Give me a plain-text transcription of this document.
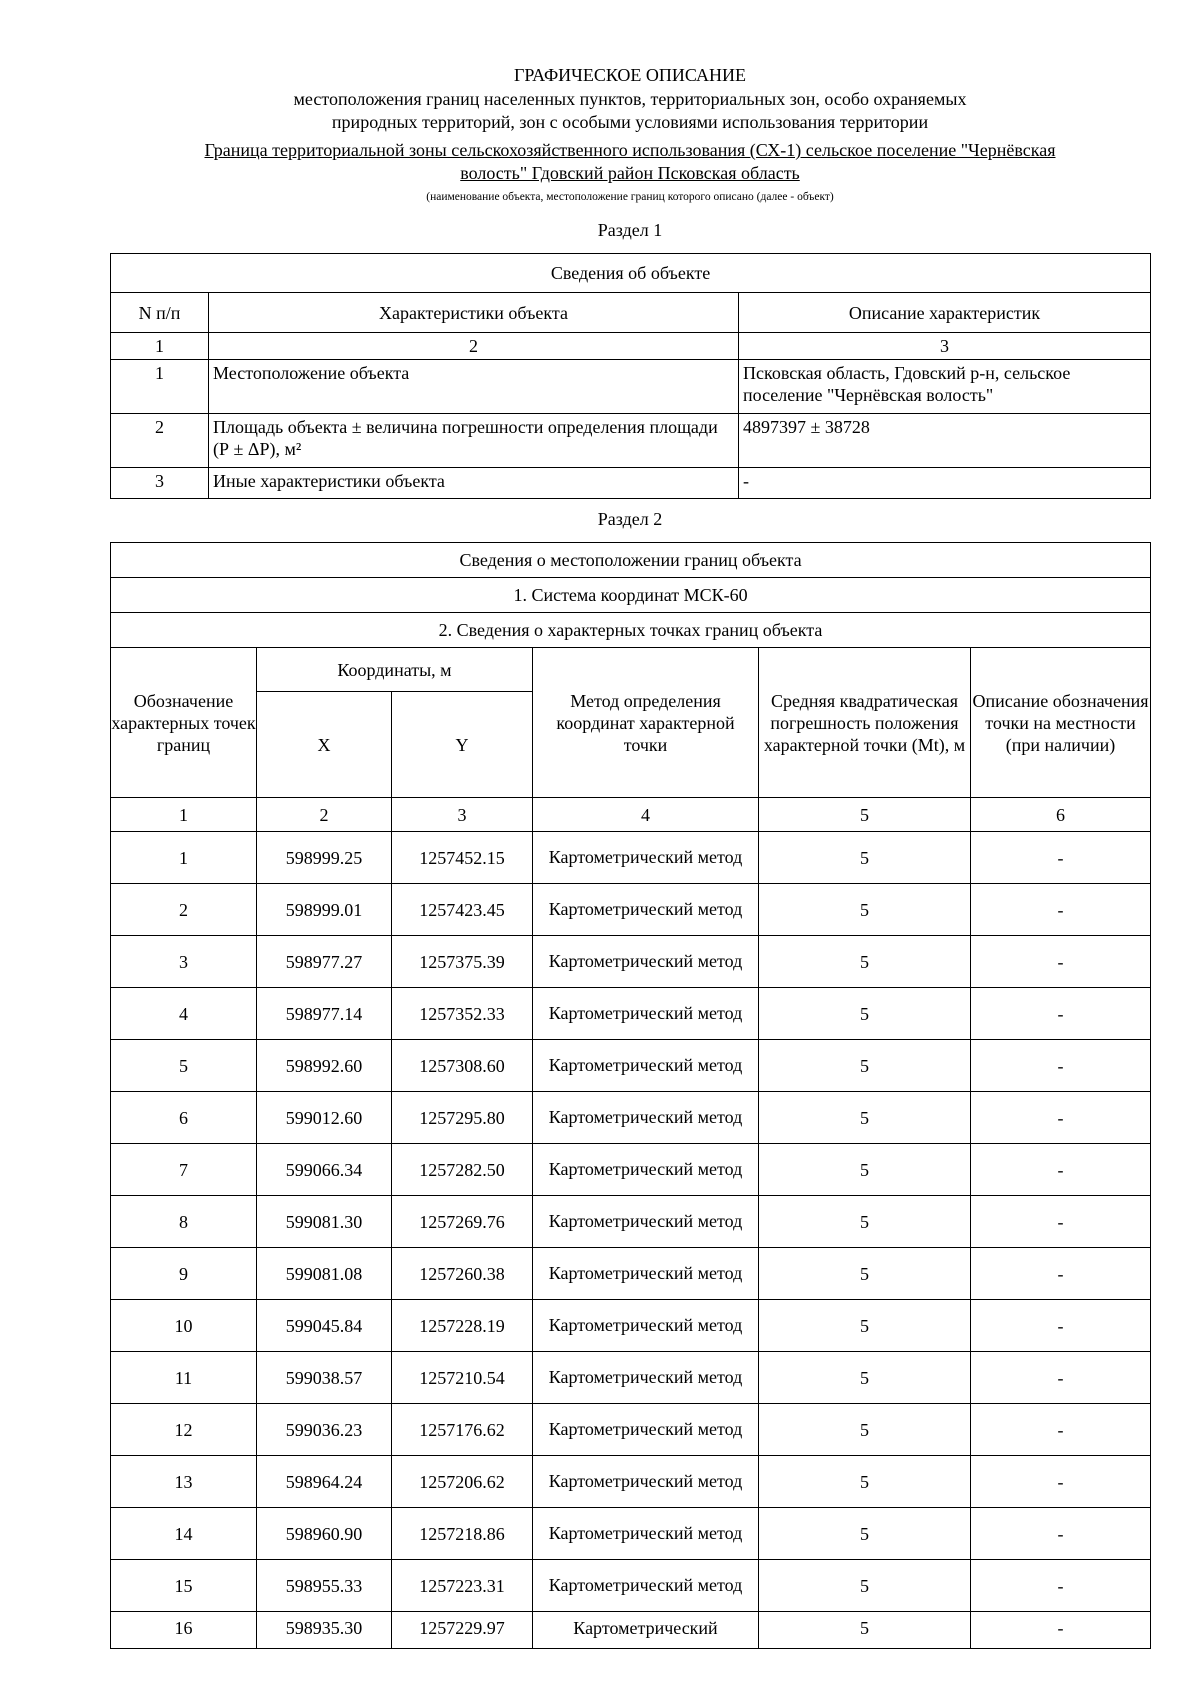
ГРАФИЧЕСКОЕ ОПИСАНИЕ
местоположения границ населенных пунктов, территориальных зон, особо охраняемых
природных территорий, зон с особыми условиями использования территории
Граница территориальной зоны сельскохозяйственного использования (СХ-1) сельское поселение "Чернёвская
волость" Гдовский район Псковская область
(наименование объекта, местоположение границ которого описано (далее - объект)
Раздел 1
Сведения об объекте		
N п/п	Характеристики объекта	Описание характеристик
1	2	3
1	Местоположение объекта	Псковская область, Гдовский р-н, сельское поселение "Чернёвская волость"
2	Площадь объекта ± величина погрешности определения площади (Р ± ΔР), м²	4897397 ± 38728
3	Иные характеристики объекта	-
Раздел 2
Сведения о местоположении границ объекта					
1. Система координат МСК-60					
2. Сведения о характерных точках границ объекта					
Обозначение характерных точек границ	Координаты, м		Метод определения координат характерной точки	Средняя квадратическая погрешность положения характерной точки (Mt), м	Описание обозначения точки на местности (при наличии)
	X	Y			
1	2	3	4	5	6
1	598999.25	1257452.15	Картометрический метод	5	-
2	598999.01	1257423.45	Картометрический метод	5	-
3	598977.27	1257375.39	Картометрический метод	5	-
4	598977.14	1257352.33	Картометрический метод	5	-
5	598992.60	1257308.60	Картометрический метод	5	-
6	599012.60	1257295.80	Картометрический метод	5	-
7	599066.34	1257282.50	Картометрический метод	5	-
8	599081.30	1257269.76	Картометрический метод	5	-
9	599081.08	1257260.38	Картометрический метод	5	-
10	599045.84	1257228.19	Картометрический метод	5	-
11	599038.57	1257210.54	Картометрический метод	5	-
12	599036.23	1257176.62	Картометрический метод	5	-
13	598964.24	1257206.62	Картометрический метод	5	-
14	598960.90	1257218.86	Картометрический метод	5	-
15	598955.33	1257223.31	Картометрический метод	5	-
16	598935.30	1257229.97	Картометрический	5	-
